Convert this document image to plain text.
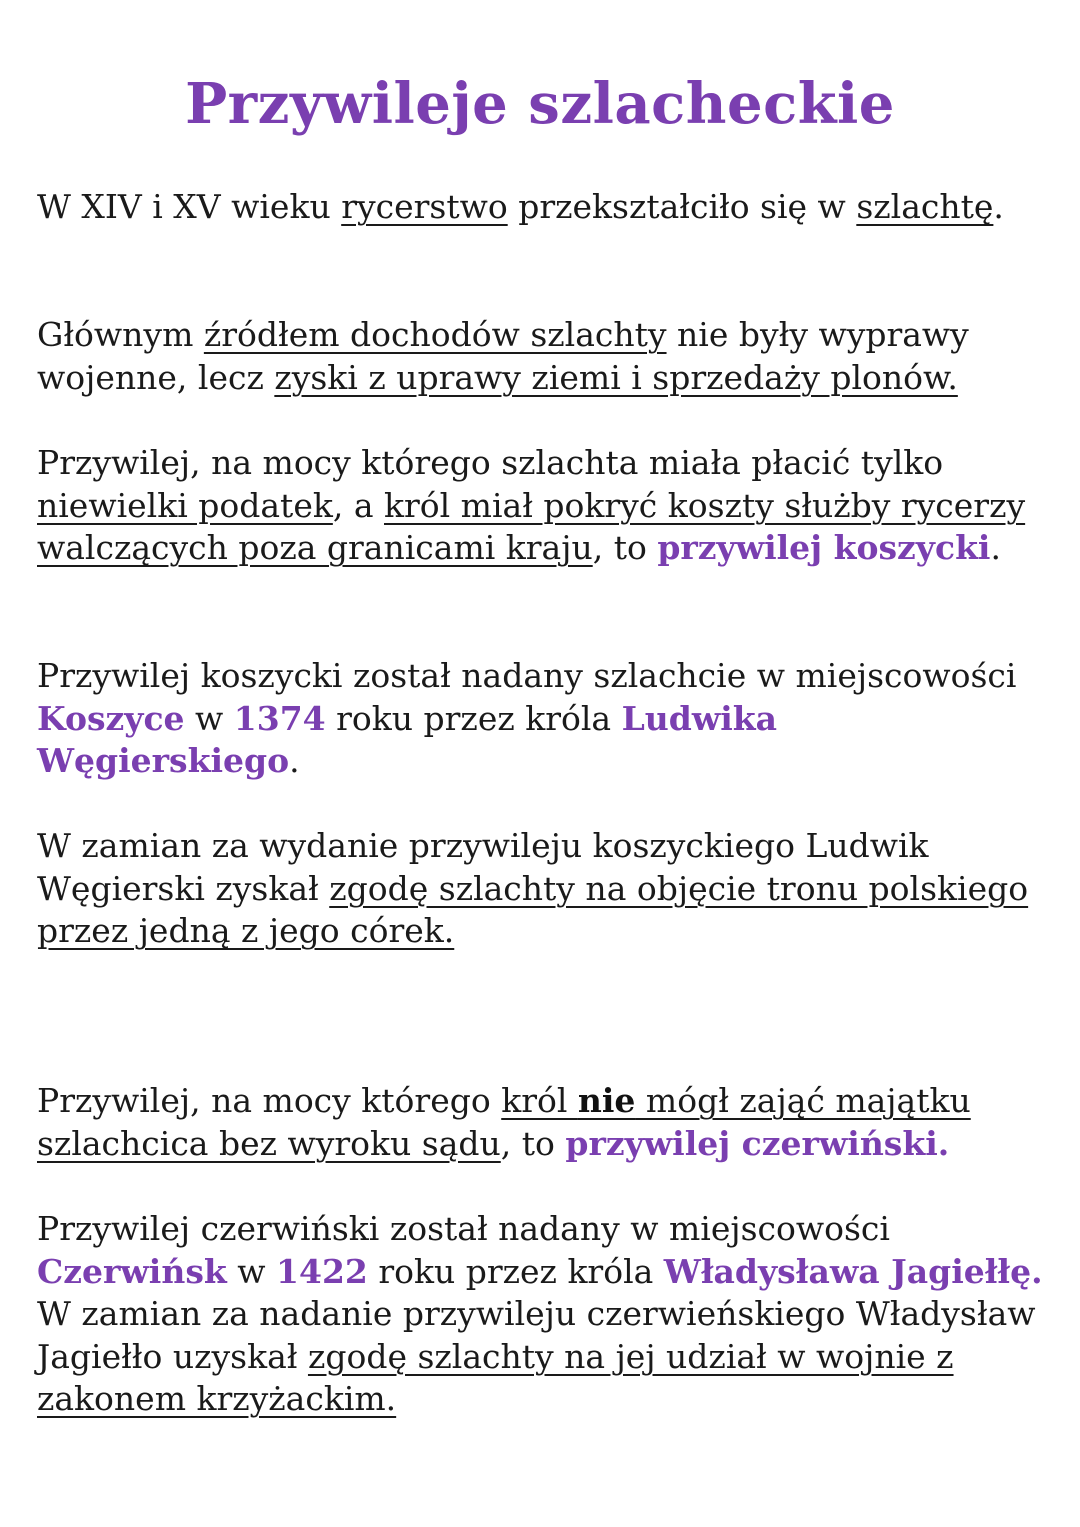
Przywileje szlacheckie
W XIV i XV wieku rycerstwo przekształciło się w szlachtę.
Głównym źródłem dochodów szlachty nie były wyprawy wojenne, lecz zyski z uprawy ziemi i sprzedaży plonów.
Przywilej, na mocy którego szlachta miała płacić tylko niewielki podatek, a król miał pokryć koszty służby rycerzy walczących poza granicami kraju, to przywilej koszycki.
Przywilej koszycki został nadany szlachcie w miejscowości Koszyce w 1374 roku przez króla Ludwika Węgierskiego.
W zamian za wydanie przywileju koszyckiego Ludwik Węgierski zyskał zgodę szlachty na objęcie tronu polskiego przez jedną z jego córek.
Przywilej, na mocy którego król nie mógł zająć majątku szlachcica bez wyroku sądu, to przywilej czerwiński.

Przywilej czerwiński został nadany w miejscowości Czerwińsk w 1422 roku przez króla Władysława Jagiełłę.

W zamian za nadanie przywileju czerwieńskiego Władysław Jagiełło uzyskał zgodę szlachty na jej udział w wojnie z zakonem krzyżackim.
